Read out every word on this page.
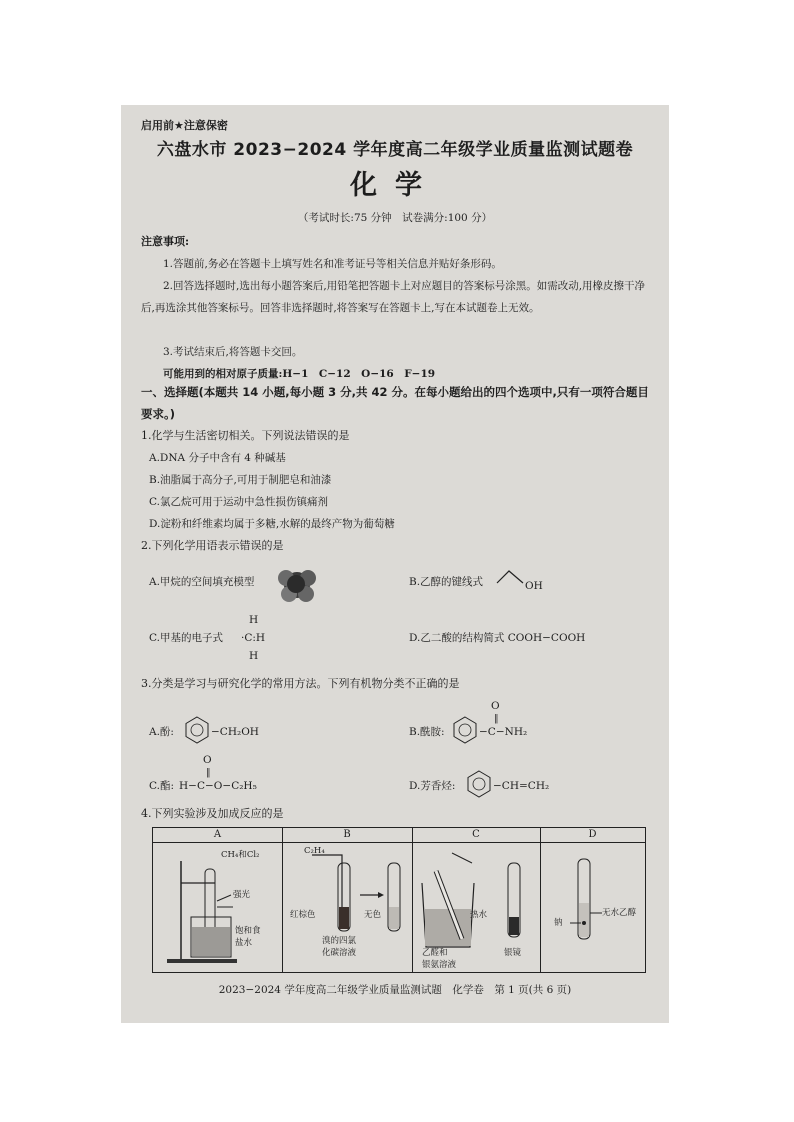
启用前★注意保密
六盘水市 2023−2024 学年度高二年级学业质量监测试题卷
化学
（考试时长:75 分钟　试卷满分:100 分）
注意事项:
1.答题前,务必在答题卡上填写姓名和准考证号等相关信息并贴好条形码。
2.回答选择题时,选出每小题答案后,用铅笔把答题卡上对应题目的答案标号涂黑。如需改动,用橡皮擦干净后,再选涂其他答案标号。回答非选择题时,将答案写在答题卡上,写在本试题卷上无效。
3.考试结束后,将答题卡交回。
可能用到的相对原子质量:H−1　C−12　O−16　F−19
一、选择题(本题共 14 小题,每小题 3 分,共 42 分。在每小题给出的四个选项中,只有一项符合题目要求。)
1.化学与生活密切相关。下列说法错误的是
A.DNA 分子中含有 4 种碱基
B.油脂属于高分子,可用于制肥皂和油漆
C.氯乙烷可用于运动中急性损伤镇痛剂
D.淀粉和纤维素均属于多糖,水解的最终产物为葡萄糖
2.下列化学用语表示错误的是
A.甲烷的空间填充模型	B.乙醇的键线式	OH
C.甲基的电子式
H
·C:H
H
D.乙二酸的结构简式 COOH−COOH
3.分类是学习与研究化学的常用方法。下列有机物分类不正确的是
A.酚:	−CH₂OH	B.酰胺:
O
‖
−C−NH₂
C.酯:
O
‖
H−C−O−C₂H₅	D.芳香烃:	−CH=CH₂
4.下列实验涉及加成反应的是
A
CH₄和Cl₂
强光
饱和食
盐水
B
C₂H₄
红棕色	无色
溴的四氯
化碳溶液
C
热水
乙醛和
银氨溶液
银镜
D
钠
无水乙醇
2023−2024 学年度高二年级学业质量监测试题　化学卷　第 1 页(共 6 页)
